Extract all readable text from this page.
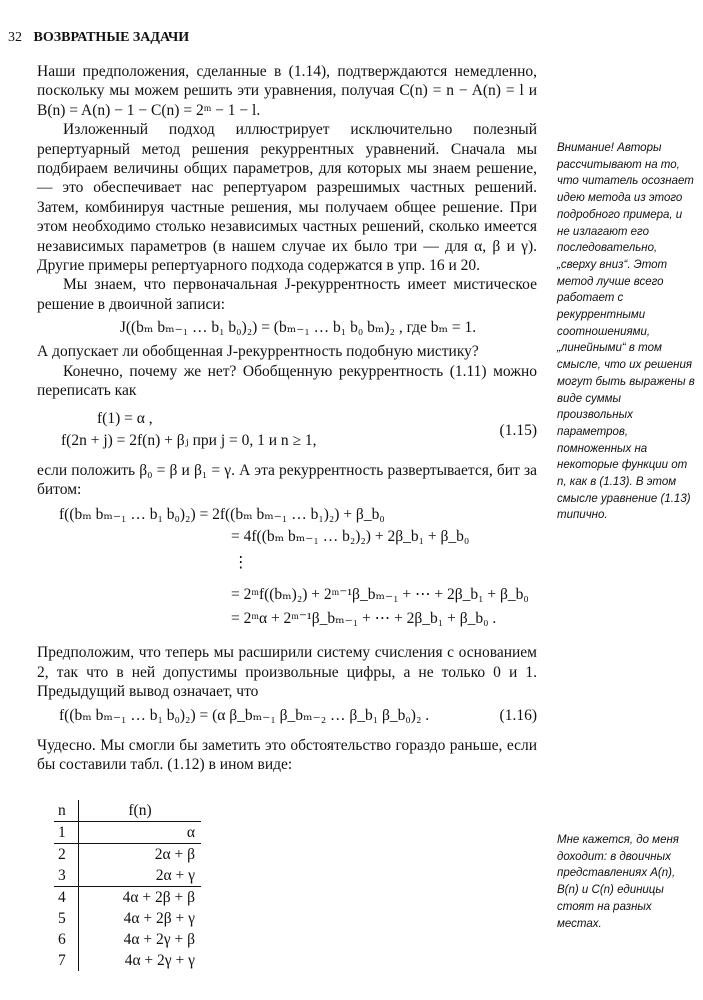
32 ВОЗВРАТНЫЕ ЗАДАЧИ

Наши предположения, сделанные в (1.14), подтверждаются немедленно, поскольку мы можем решить эти уравнения, получая C(n) = n − A(n) = l и B(n) = A(n) − 1 − C(n) = 2ᵐ − 1 − l.

Изложенный подход иллюстрирует исключительно полезный репертуарный метод решения рекуррентных уравнений. Сначала мы подбираем величины общих параметров, для которых мы знаем решение,— это обеспечивает нас репертуаром разрешимых частных решений. Затем, комбинируя частные решения, мы получаем общее решение. При этом необходимо столько независимых частных решений, сколько имеется независимых параметров (в нашем случае их было три — для α, β и γ). Другие примеры репертуарного подхода содержатся в упр. 16 и 20.

Мы знаем, что первоначальная J-рекуррентность имеет мистическое решение в двоичной записи:

J((bₘ bₘ₋₁ … b₁ b₀)₂) = (bₘ₋₁ … b₁ b₀ bₘ)₂ , где bₘ = 1.

А допускает ли обобщенная J-рекуррентность подобную мистику?

Конечно, почему же нет? Обобщенную рекуррентность (1.11) можно переписать как

f(1) = α ,
f(2n + j) = 2f(n) + βⱼ при j = 0, 1 и n ≥ 1,
(1.15)

если положить β₀ = β и β₁ = γ. А эта рекуррентность развертывается, бит за битом:

f((bₘ bₘ₋₁ … b₁ b₀)₂) = 2f((bₘ bₘ₋₁ … b₁)₂) + β_b₀
= 4f((bₘ bₘ₋₁ … b₂)₂) + 2β_b₁ + β_b₀
⋮
= 2ᵐf((bₘ)₂) + 2ᵐ⁻¹β_bₘ₋₁ + ⋯ + 2β_b₁ + β_b₀
= 2ᵐα + 2ᵐ⁻¹β_bₘ₋₁ + ⋯ + 2β_b₁ + β_b₀ .

Предположим, что теперь мы расширили систему счисления с основанием 2, так что в ней допустимы произвольные цифры, а не только 0 и 1. Предыдущий вывод означает, что

f((bₘ bₘ₋₁ … b₁ b₀)₂) = (α β_bₘ₋₁ β_bₘ₋₂ … β_b₁ β_b₀)₂ .	(1.16)

Чудесно. Мы смогли бы заметить это обстоятельство гораздо раньше, если бы составили табл. (1.12) в ином виде:

n	f(n)
1	α
2	2α + β
3	2α + γ
4	4α + 2β + β
5	4α + 2β + γ
6	4α + 2γ + β
7	4α + 2γ + γ
Внимание! Авторы рассчитывают на то, что читатель осознает идею метода из этого подробного примера, и не излагают его последовательно, „сверху вниз“. Этот метод лучше всего работает с рекуррентными соотношениями, „линейными“ в том смысле, что их решения могут быть выражены в виде суммы произвольных параметров, помноженных на некоторые функции от n, как в (1.13). В этом смысле уравнение (1.13) типично.
Мне кажется, до меня доходит: в двоичных представлениях A(n), B(n) и C(n) единицы стоят на разных местах.
